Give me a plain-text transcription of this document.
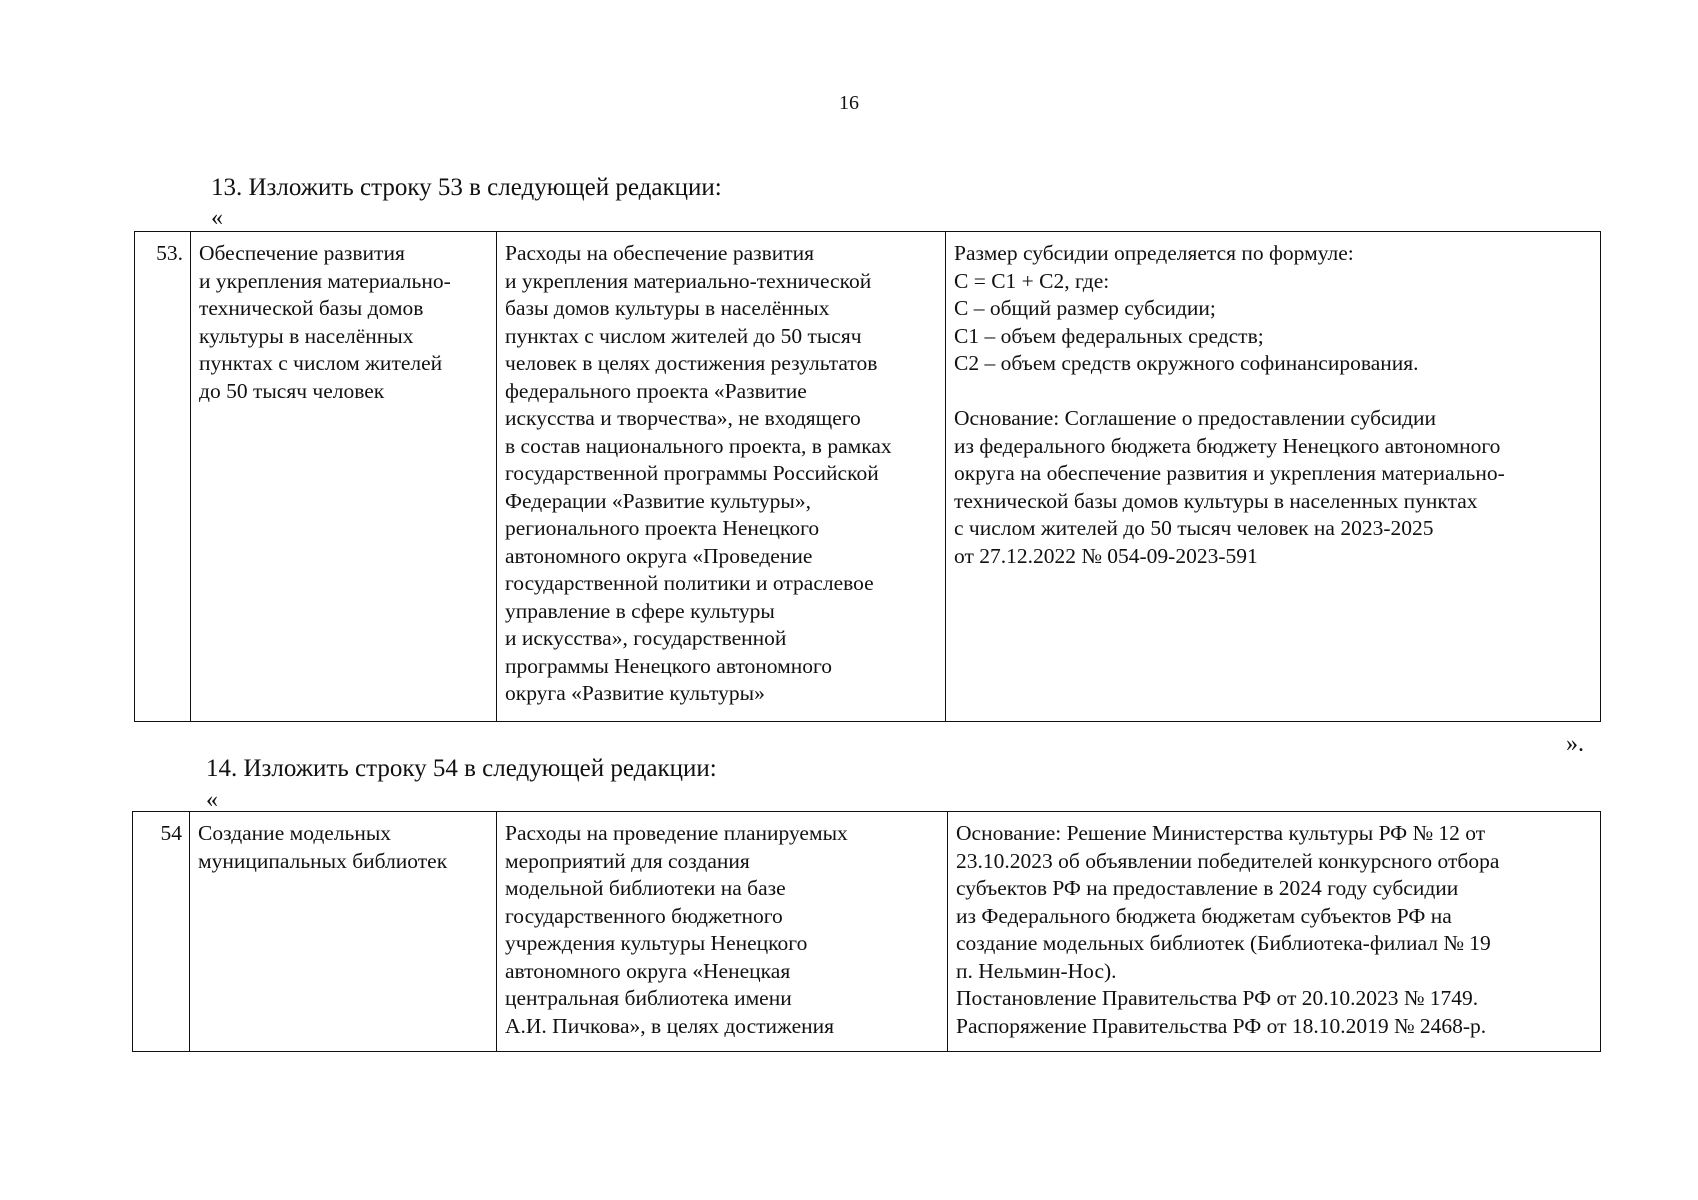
16
13. Изложить строку 53 в следующей редакции:
«
53.	Обеспечение развития
и укрепления материально-
технической базы домов
культуры в населённых
пунктах с числом жителей
до 50 тысяч человек	Расходы на обеспечение развития
и укрепления материально-технической
базы домов культуры в населённых
пунктах с числом жителей до 50 тысяч
человек в целях достижения результатов
федерального проекта «Развитие
искусства и творчества», не входящего
в состав национального проекта, в рамках
государственной программы Российской
Федерации «Развитие культуры»,
регионального проекта Ненецкого
автономного округа «Проведение
государственной политики и отраслевое
управление в сфере культуры
и искусства», государственной
программы Ненецкого автономного
округа «Развитие культуры»	Размер субсидии определяется по формуле:
С = С1 + С2, где:
С – общий размер субсидии;
С1 – объем федеральных средств;
С2 – объем средств окружного софинансирования.
Основание: Соглашение о предоставлении субсидии
из федерального бюджета бюджету Ненецкого автономного
округа на обеспечение развития и укрепления материально-
технической базы домов культуры в населенных пунктах
с числом жителей до 50 тысяч человек на 2023-2025
от 27.12.2022 № 054-09-2023-591
».
14. Изложить строку 54 в следующей редакции:
«
54	Создание модельных
муниципальных библиотек	Расходы на проведение планируемых
мероприятий для создания
модельной библиотеки на базе
государственного бюджетного
учреждения культуры Ненецкого
автономного округа «Ненецкая
центральная библиотека имени
А.И. Пичкова», в целях достижения	Основание: Решение Министерства культуры РФ № 12 от
23.10.2023 об объявлении победителей конкурсного отбора
субъектов РФ на предоставление в 2024 году субсидии
из Федерального бюджета бюджетам субъектов РФ на
создание модельных библиотек (Библиотека-филиал № 19
п. Нельмин-Нос).
Постановление Правительства РФ от 20.10.2023 № 1749.
Распоряжение Правительства РФ от 18.10.2019 № 2468-р.
